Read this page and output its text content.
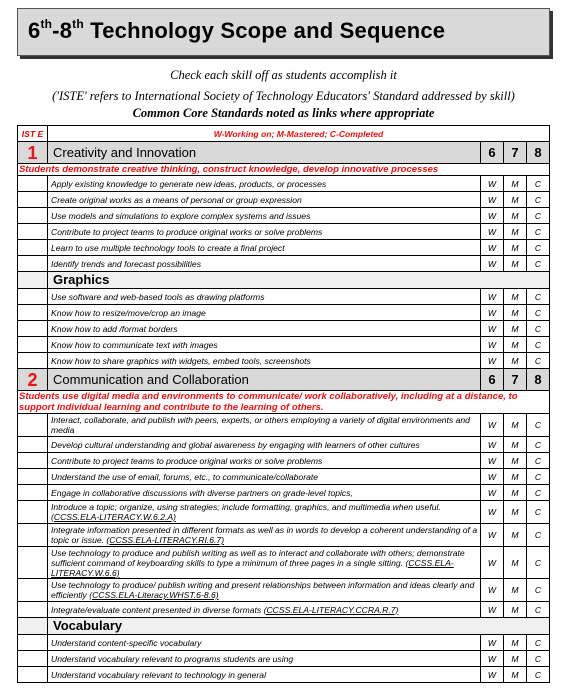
6th-8th Technology Scope and Sequence
Check each skill off as students accomplish it
('ISTE' refers to International Society of Technology Educators' Standard addressed by skill)
Common Core Standards noted as links where appropriate
IST E	W-Working on; M-Mastered; C-Completed			
1	Creativity and Innovation	6	7	8
Students demonstrate creative thinking, construct knowledge, develop innovative processes				
	Apply existing knowledge to generate new ideas, products, or processes	W	M	C
	Create original works as a means of personal or group expression	W	M	C
	Use models and simulations to explore complex systems and issues	W	M	C
	Contribute to project teams to produce original works or solve problems	W	M	C
	Learn to use multiple technology tools to create a final project	W	M	C
	Identify trends and forecast possibilities	W	M	C
	Graphics			
	Use software and web-based tools as drawing platforms	W	M	C
	Know how to resize/move/crop an image	W	M	C
	Know how to add /format borders	W	M	C
	Know how to communicate text with images	W	M	C
	Know how to share graphics with widgets, embed tools, screenshots	W	M	C
2	Communication and Collaboration	6	7	8
Students use digital media and environments to communicate/ work collaboratively, including at a distance, to support individual learning and contribute to the learning of others.				
	Interact, collaborate, and publish with peers, experts, or others employing a variety of digital environments and media	W	M	C
	Develop cultural understanding and global awareness by engaging with learners of other cultures	W	M	C
	Contribute to project teams to produce original works or solve problems	W	M	C
	Understand the use of email, forums, etc., to communicate/collaborate	W	M	C
	Engage in collaborative discussions with diverse partners on grade-level topics,	W	M	C
	Introduce a topic; organize, using strategies; include formatting, graphics, and multimedia when useful. (CCSS.ELA-LITERACY.W.6.2.A)	W	M	C
	Integrate information presented in different formats as well as in words to develop a coherent understanding of a topic or issue. (CCSS.ELA-LITERACY.RI.6.7)	W	M	C
	Use technology to produce and publish writing as well as to interact and collaborate with others; demonstrate sufficient command of keyboarding skills to type a minimum of three pages in a single sitting. (CCSS.ELA-LITERACY.W.6.6)	W	M	C
	Use technology to produce/ publish writing and present relationships between information and ideas clearly and efficiently (CCSS.ELA-Literacy.WHST.6-8.6)	W	M	C
	Integrate/evaluate content presented in diverse formats (CCSS.ELA-LITERACY.CCRA.R.7)	W	M	C
	Vocabulary			
	Understand content-specific vocabulary	W	M	C
	Understand vocabulary relevant to programs students are using	W	M	C
	Understand vocabulary relevant to technology in general	W	M	C
